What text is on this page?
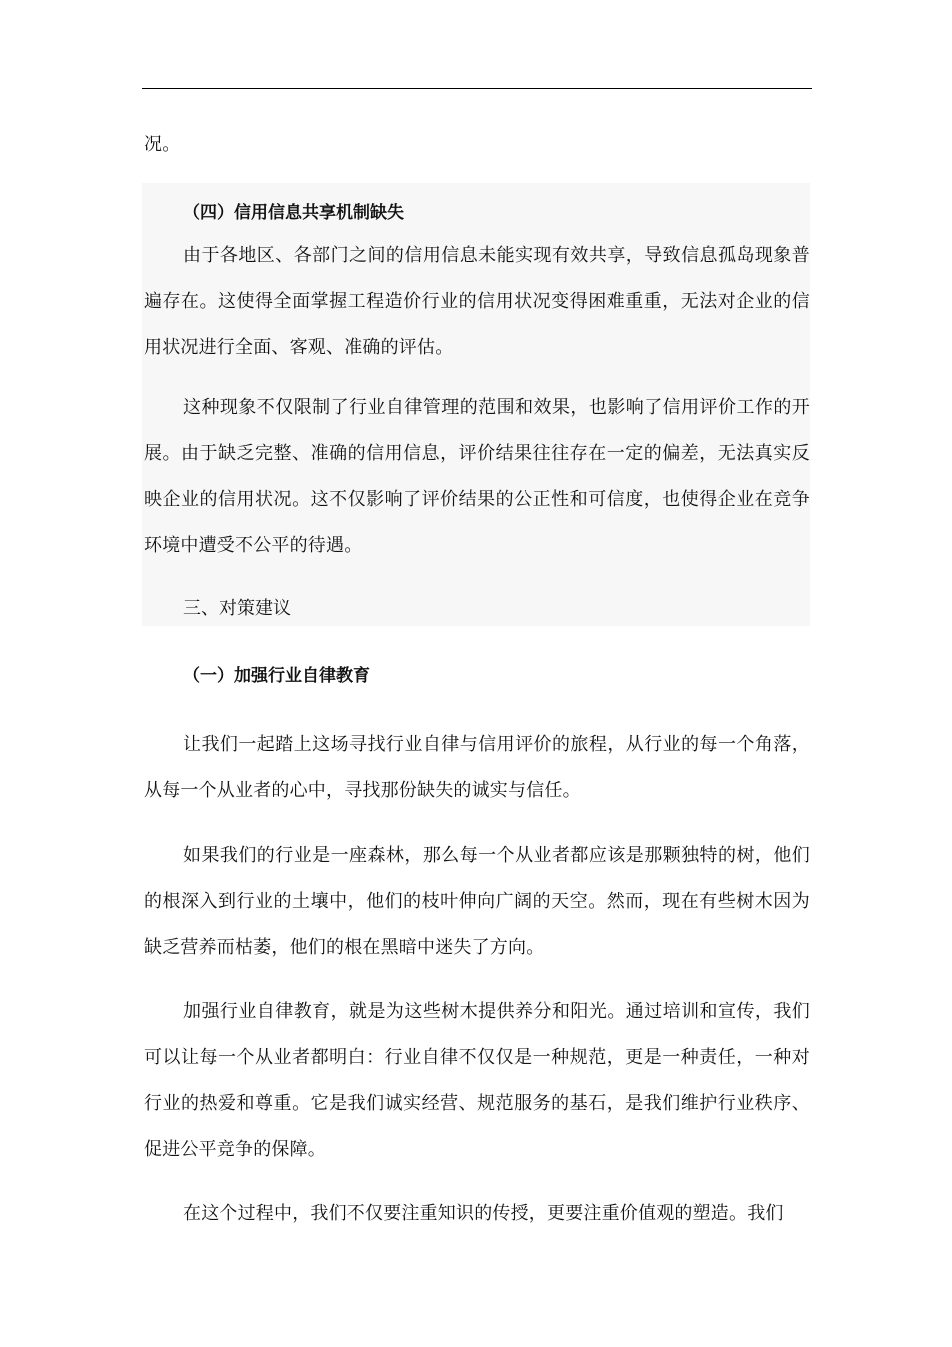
况。

（四）信用信息共享机制缺失

由于各地区、各部门之间的信用信息未能实现有效共享，导致信息孤岛现象普遍存在。这使得全面掌握工程造价行业的信用状况变得困难重重，无法对企业的信用状况进行全面、客观、准确的评估。

这种现象不仅限制了行业自律管理的范围和效果，也影响了信用评价工作的开展。由于缺乏完整、准确的信用信息，评价结果往往存在一定的偏差，无法真实反映企业的信用状况。这不仅影响了评价结果的公正性和可信度，也使得企业在竞争环境中遭受不公平的待遇。

三、对策建议
（一）加强行业自律教育

让我们一起踏上这场寻找行业自律与信用评价的旅程，从行业的每一个角落，从每一个从业者的心中，寻找那份缺失的诚实与信任。

如果我们的行业是一座森林，那么每一个从业者都应该是那颗独特的树，他们的根深入到行业的土壤中，他们的枝叶伸向广阔的天空。然而，现在有些树木因为缺乏营养而枯萎，他们的根在黑暗中迷失了方向。

加强行业自律教育，就是为这些树木提供养分和阳光。通过培训和宣传，我们可以让每一个从业者都明白：行业自律不仅仅是一种规范，更是一种责任，一种对行业的热爱和尊重。它是我们诚实经营、规范服务的基石，是我们维护行业秩序、促进公平竞争的保障。

在这个过程中，我们不仅要注重知识的传授，更要注重价值观的塑造。我们
